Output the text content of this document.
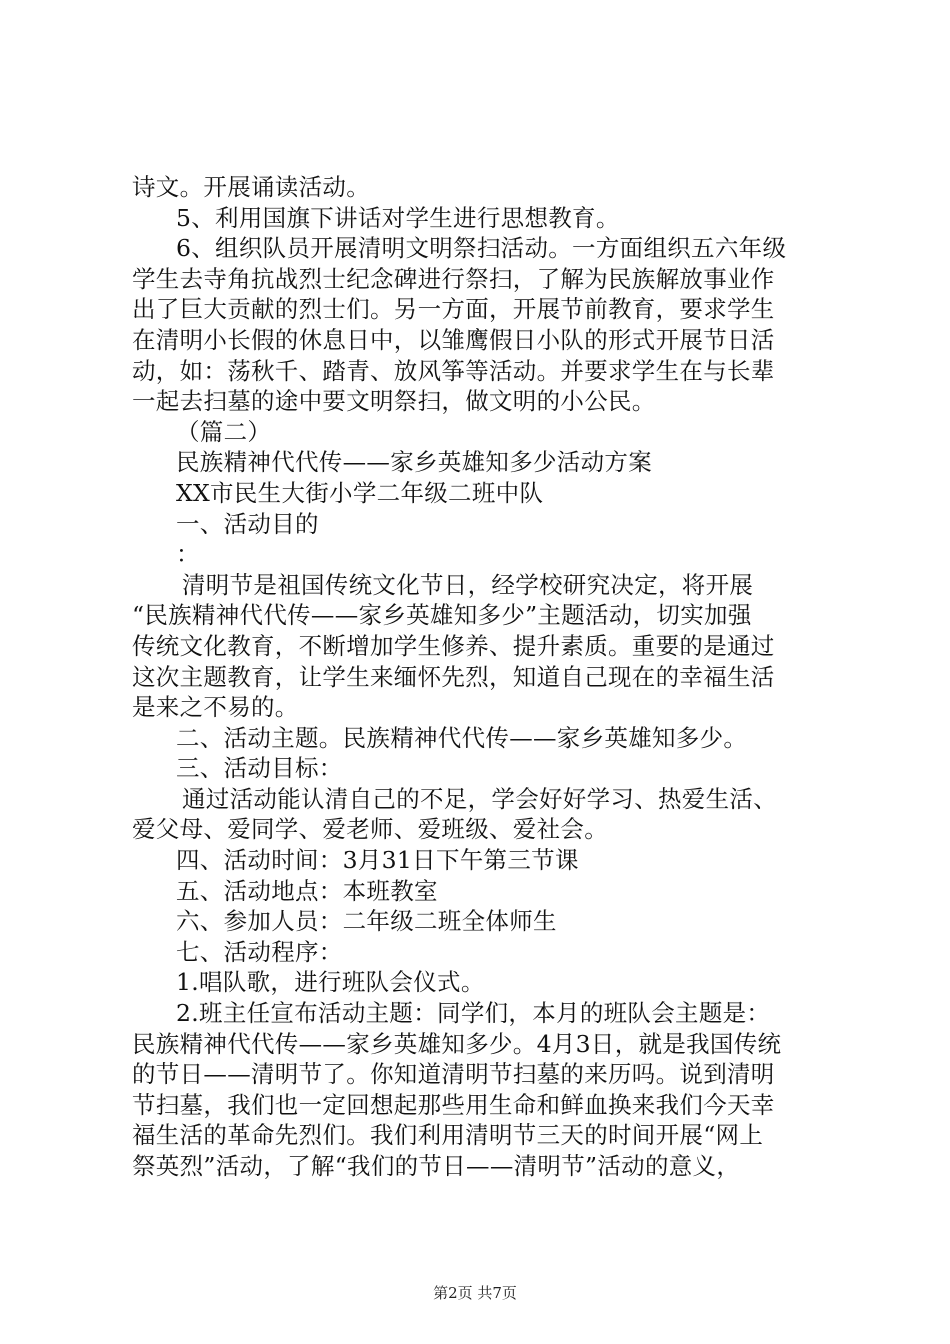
诗文。开展诵读活动。
5、利用国旗下讲话对学生进行思想教育。
6、组织队员开展清明文明祭扫活动。一方面组织五六年级
学生去寺角抗战烈士纪念碑进行祭扫，了解为民族解放事业作
出了巨大贡献的烈士们。另一方面，开展节前教育，要求学生
在清明小长假的休息日中，以雏鹰假日小队的形式开展节日活
动，如：荡秋千、踏青、放风筝等活动。并要求学生在与长辈
一起去扫墓的途中要文明祭扫，做文明的小公民。
（篇二）
民族精神代代传——家乡英雄知多少活动方案
XX市民生大街小学二年级二班中队
一、活动目的
：
清明节是祖国传统文化节日，经学校研究决定，将开展
“民族精神代代传——家乡英雄知多少”主题活动，切实加强
传统文化教育，不断增加学生修养、提升素质。重要的是通过
这次主题教育，让学生来缅怀先烈，知道自己现在的幸福生活
是来之不易的。
二、活动主题。民族精神代代传——家乡英雄知多少。
三、活动目标：
通过活动能认清自己的不足，学会好好学习、热爱生活、
爱父母、爱同学、爱老师、爱班级、爱社会。
四、活动时间：3月31日下午第三节课
五、活动地点：本班教室
六、参加人员：二年级二班全体师生
七、活动程序：
1.唱队歌，进行班队会仪式。
2.班主任宣布活动主题：同学们，本月的班队会主题是：
民族精神代代传——家乡英雄知多少。4月3日，就是我国传统
的节日——清明节了。你知道清明节扫墓的来历吗。说到清明
节扫墓，我们也一定回想起那些用生命和鲜血换来我们今天幸
福生活的革命先烈们。我们利用清明节三天的时间开展“网上
祭英烈”活动，了解“我们的节日——清明节”活动的意义，
第2页 共7页
